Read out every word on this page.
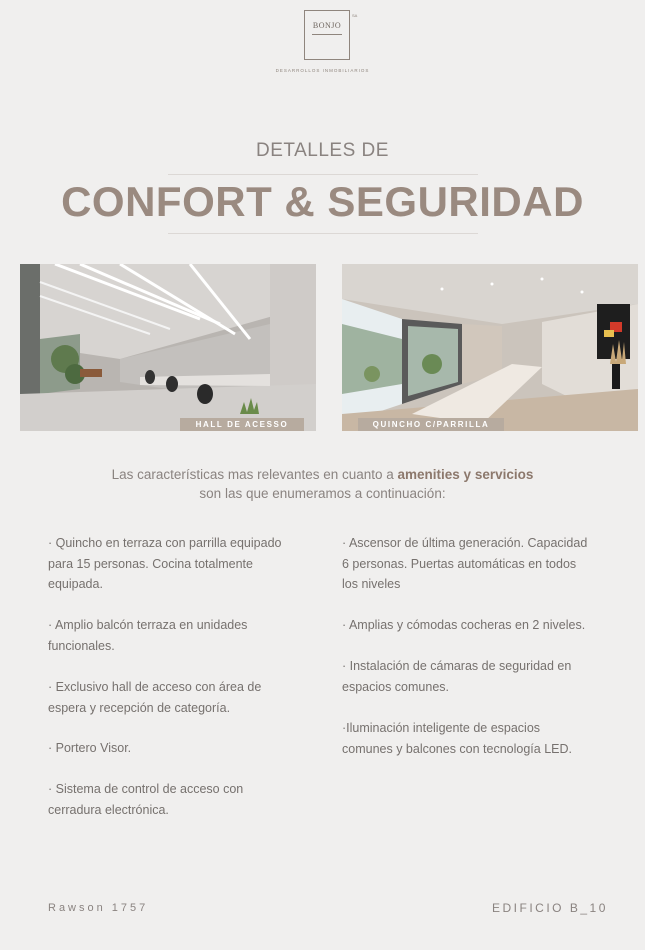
BONJO
SA
DESARROLLOS INMOBILIARIOS
DETALLES DE
CONFORT & SEGURIDAD
HALL DE ACESSO	QUINCHO C/PARRILLA
Las características mas relevantes en cuanto a amenities y servicios
son las que enumeramos a continuación:
· Quincho en terraza con parrilla equipado
para 15 personas. Cocina totalmente
equipada.
· Amplio balcón terraza en unidades
funcionales.
· Exclusivo hall de acceso con área de
espera y recepción de categoría.
· Portero Visor.
· Sistema de control de acceso con
cerradura electrónica.
· Ascensor de última generación. Capacidad
6 personas. Puertas automáticas en todos
los niveles
· Amplias y cómodas cocheras en 2 niveles.
· Instalación de cámaras de seguridad en
espacios comunes.
·Iluminación inteligente de espacios
comunes y balcones con tecnología LED.
Rawson 1757	EDIFICIO B_10
